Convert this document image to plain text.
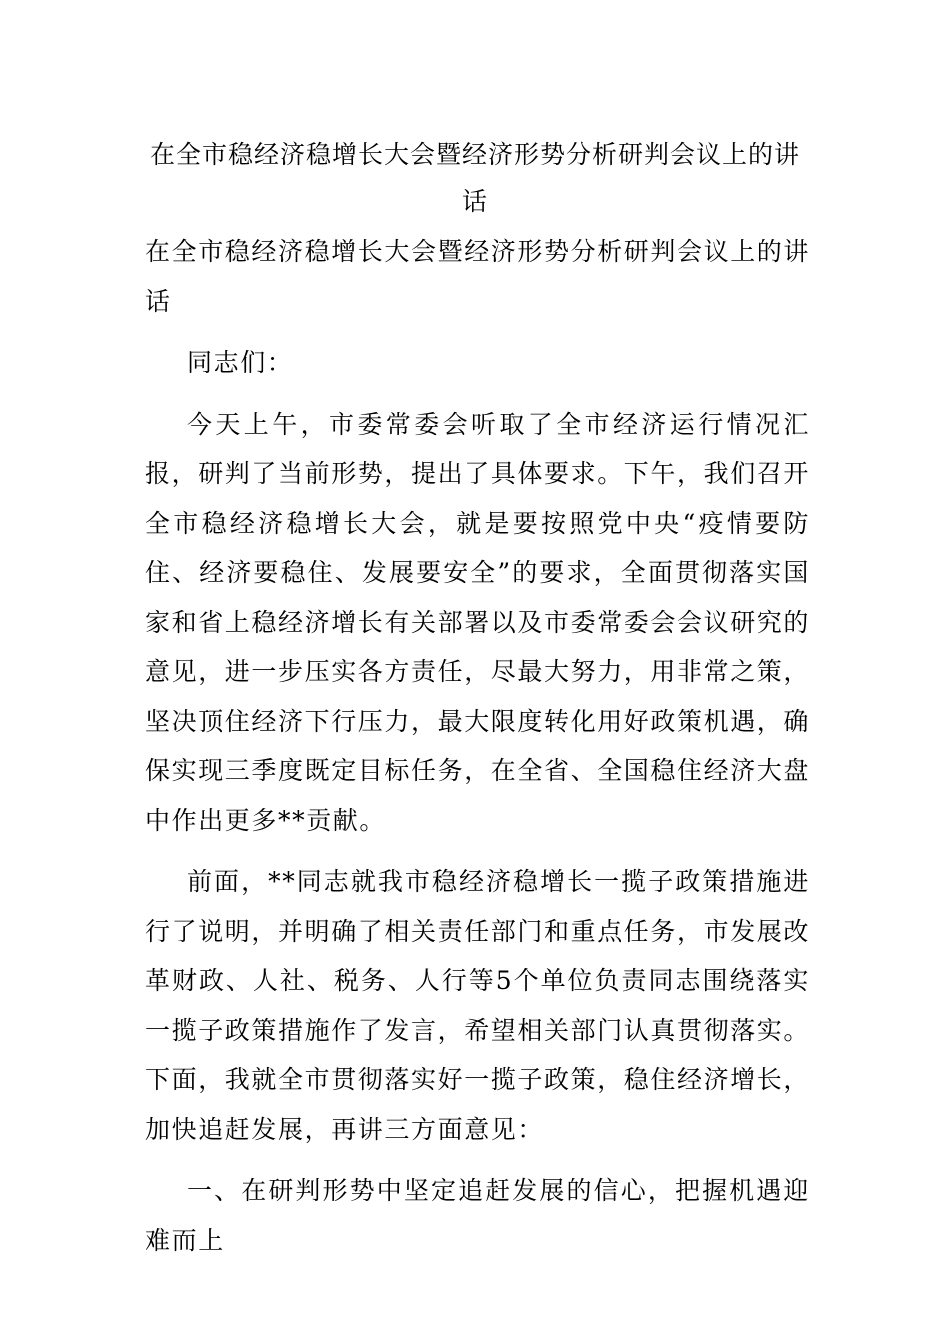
在全市稳经济稳增长大会暨经济形势分析研判会议上的讲话

在全市稳经济稳增长大会暨经济形势分析研判会议上的讲话

同志们：

今天上午，市委常委会听取了全市经济运行情况汇报，研判了当前形势，提出了具体要求。下午，我们召开全市稳经济稳增长大会，就是要按照党中央“疫情要防住、经济要稳住、发展要安全”的要求，全面贯彻落实国家和省上稳经济增长有关部署以及市委常委会会议研究的意见，进一步压实各方责任，尽最大努力，用非常之策，坚决顶住经济下行压力，最大限度转化用好政策机遇，确保实现三季度既定目标任务，在全省、全国稳住经济大盘中作出更多**贡献。

前面，**同志就我市稳经济稳增长一揽子政策措施进行了说明，并明确了相关责任部门和重点任务，市发展改革财政、人社、税务、人行等5个单位负责同志围绕落实一揽子政策措施作了发言，希望相关部门认真贯彻落实。下面，我就全市贯彻落实好一揽子政策，稳住经济增长，加快追赶发展，再讲三方面意见：

一、在研判形势中坚定追赶发展的信心，把握机遇迎难而上
